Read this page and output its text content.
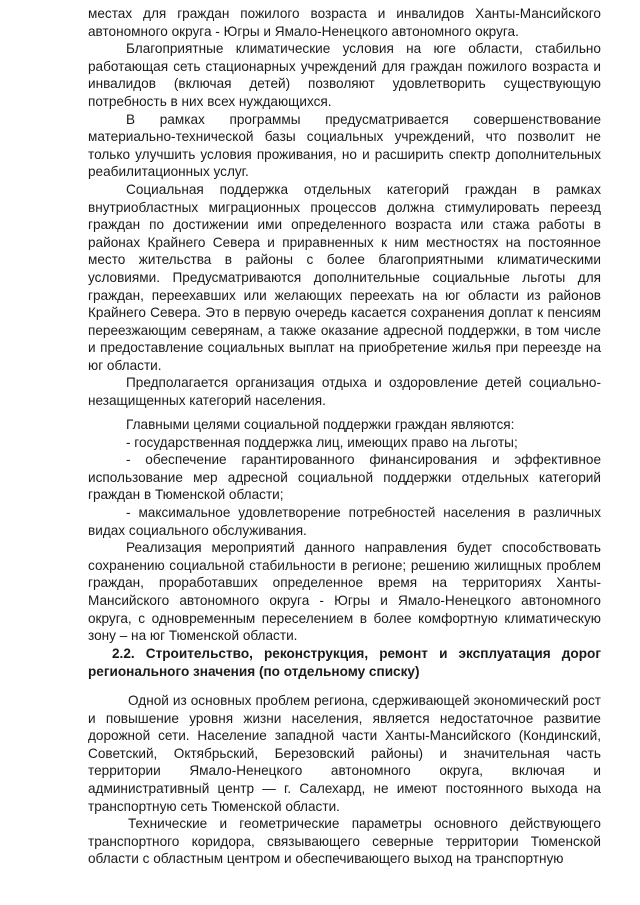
местах для граждан пожилого возраста и инвалидов Ханты-Мансийского автономного округа - Югры и Ямало-Ненецкого автономного округа.

Благоприятные климатические условия на юге области, стабильно работающая сеть стационарных учреждений для граждан пожилого возраста и инвалидов (включая детей) позволяют удовлетворить существующую потребность в них всех нуждающихся.

В рамках программы предусматривается совершенствование материально-технической базы социальных учреждений, что позволит не только улучшить условия проживания, но и расширить спектр дополнительных реабилитационных услуг.

Социальная поддержка отдельных категорий граждан в рамках внутриобластных миграционных процессов должна стимулировать переезд граждан по достижении ими определенного возраста или стажа работы в районах Крайнего Севера и приравненных к ним местностях на постоянное место жительства в районы с более благоприятными климатическими условиями. Предусматриваются дополнительные социальные льготы для граждан, переехавших или желающих переехать на юг области из районов Крайнего Севера. Это в первую очередь касается сохранения доплат к пенсиям переезжающим северянам, а также оказание адресной поддержки, в том числе и предоставление социальных выплат на приобретение жилья при переезде на юг области.

Предполагается организация отдыха и оздоровление детей социально-незащищенных категорий населения.

Главными целями социальной поддержки граждан являются:

- государственная поддержка лиц, имеющих право на льготы;

- обеспечение гарантированного финансирования и эффективное использование мер адресной социальной поддержки отдельных категорий граждан в Тюменской области;

- максимальное удовлетворение потребностей населения в различных видах социального обслуживания.

Реализация мероприятий данного направления будет способствовать сохранению социальной стабильности в регионе; решению жилищных проблем граждан, проработавших определенное время на территориях Ханты-Мансийского автономного округа - Югры и Ямало-Ненецкого автономного округа, с одновременным переселением в более комфортную климатическую зону – на юг Тюменской области.

2.2. Строительство, реконструкция, ремонт и эксплуатация дорог регионального значения (по отдельному списку)

Одной из основных проблем региона, сдерживающей экономический рост и повышение уровня жизни населения, является недостаточное развитие дорожной сети. Население западной части Ханты-Мансийского (Кондинский, Советский, Октябрьский, Березовский районы) и значительная часть территории Ямало-Ненецкого автономного округа, включая и административный центр — г. Салехард, не имеют постоянного выхода на транспортную сеть Тюменской области.

Технические и геометрические параметры основного действующего транспортного коридора, связывающего северные территории Тюменской области с областным центром и обеспечивающего выход на транспортную
